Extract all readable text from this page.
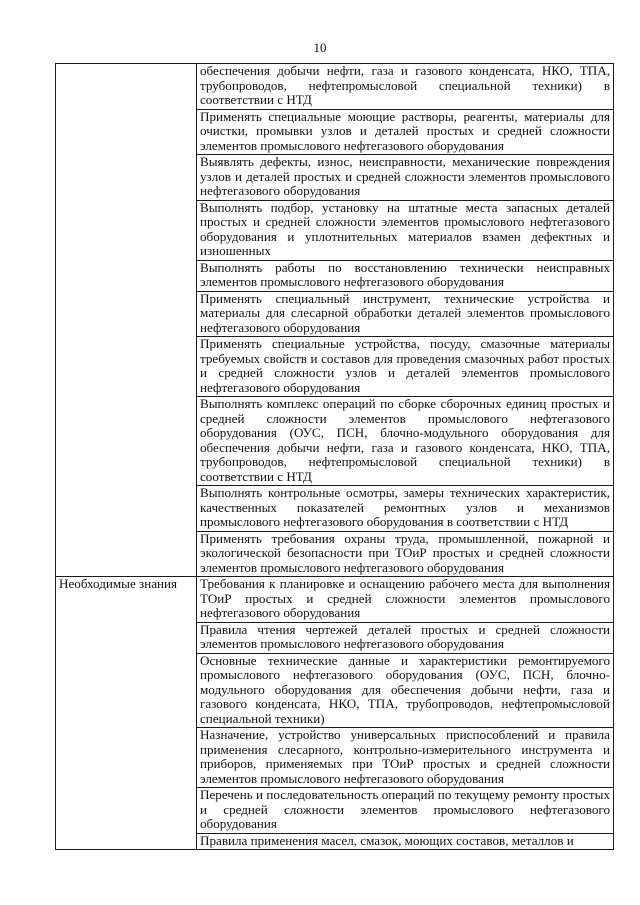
10
	обеспечения добычи нефти, газа и газового конденсата, НКО, ТПА, трубопроводов, нефтепромысловой специальной техники) в соответствии с НТД
	Применять специальные моющие растворы, реагенты, материалы для очистки, промывки узлов и деталей простых и средней сложности элементов промыслового нефтегазового оборудования
	Выявлять дефекты, износ, неисправности, механические повреждения узлов и деталей простых и средней сложности элементов промыслового нефтегазового оборудования
	Выполнять подбор, установку на штатные места запасных деталей простых и средней сложности элементов промыслового нефтегазового оборудования и уплотнительных материалов взамен дефектных и изношенных
	Выполнять работы по восстановлению технически неисправных элементов промыслового нефтегазового оборудования
	Применять специальный инструмент, технические устройства и материалы для слесарной обработки деталей элементов промыслового нефтегазового оборудования
	Применять специальные устройства, посуду, смазочные материалы требуемых свойств и составов для проведения смазочных работ простых и средней сложности узлов и деталей элементов промыслового нефтегазового оборудования
	Выполнять комплекс операций по сборке сборочных единиц простых и средней сложности элементов промыслового нефтегазового оборудования (ОУС, ПСН, блочно-модульного оборудования для обеспечения добычи нефти, газа и газового конденсата, НКО, ТПА, трубопроводов, нефтепромысловой специальной техники) в соответствии с НТД
	Выполнять контрольные осмотры, замеры технических характеристик, качественных показателей ремонтных узлов и механизмов промыслового нефтегазового оборудования в соответствии с НТД
	Применять требования охраны труда, промышленной, пожарной и экологической безопасности при ТОиР простых и средней сложности элементов промыслового нефтегазового оборудования
Необходимые знания	Требования к планировке и оснащению рабочего места для выполнения ТОиР простых и средней сложности элементов промыслового нефтегазового оборудования
	Правила чтения чертежей деталей простых и средней сложности элементов промыслового нефтегазового оборудования
	Основные технические данные и характеристики ремонтируемого промыслового нефтегазового оборудования (ОУС, ПСН, блочно-модульного оборудования для обеспечения добычи нефти, газа и газового конденсата, НКО, ТПА, трубопроводов, нефтепромысловой специальной техники)
	Назначение, устройство универсальных приспособлений и правила применения слесарного, контрольно-измерительного инструмента и приборов, применяемых при ТОиР простых и средней сложности элементов промыслового нефтегазового оборудования
	Перечень и последовательность операций по текущему ремонту простых и средней сложности элементов промыслового нефтегазового оборудования
	Правила применения масел, смазок, моющих составов, металлов и
